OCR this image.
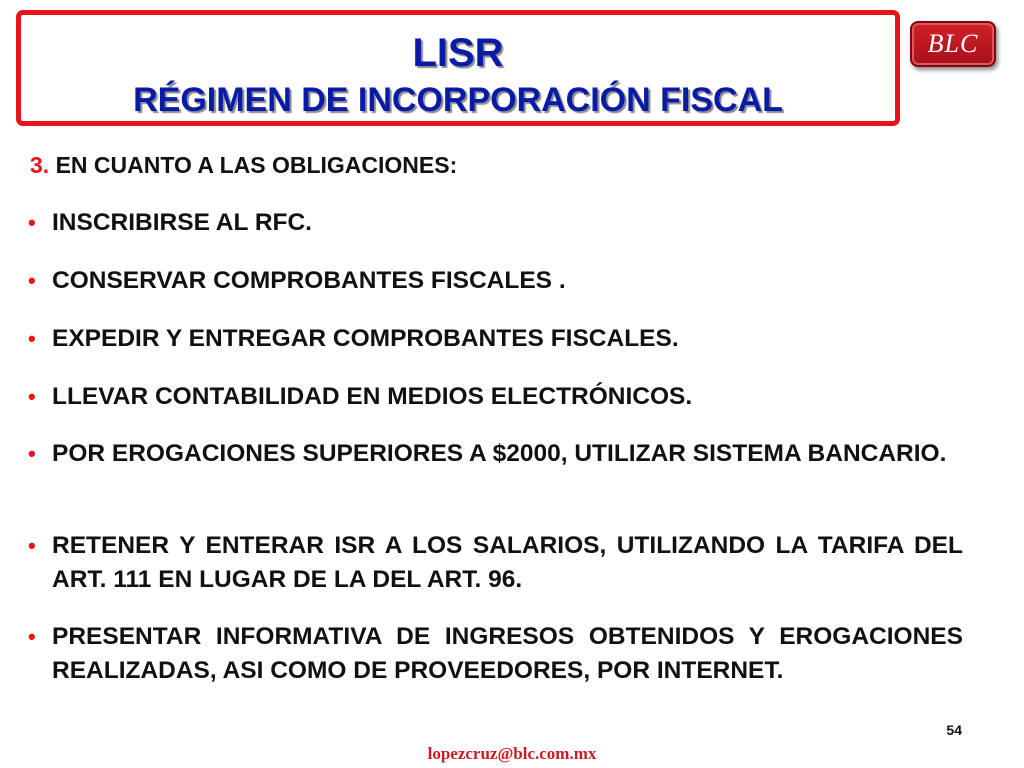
LISR
RÉGIMEN DE INCORPORACIÓN FISCAL
BLC
3. EN CUANTO A LAS OBLIGACIONES:
• INSCRIBIRSE AL RFC.
• CONSERVAR COMPROBANTES FISCALES .
• EXPEDIR Y ENTREGAR COMPROBANTES FISCALES.
• LLEVAR CONTABILIDAD EN MEDIOS ELECTRÓNICOS.
• POR EROGACIONES SUPERIORES A $2000, UTILIZAR SISTEMA BANCARIO.
• RETENER Y ENTERAR ISR A LOS SALARIOS, UTILIZANDO LA TARIFA DEL ART. 111 EN LUGAR DE LA DEL ART. 96.
• PRESENTAR INFORMATIVA DE INGRESOS OBTENIDOS Y EROGACIONES REALIZADAS, ASI COMO DE PROVEEDORES, POR INTERNET.
54
lopezcruz@blc.com.mx
